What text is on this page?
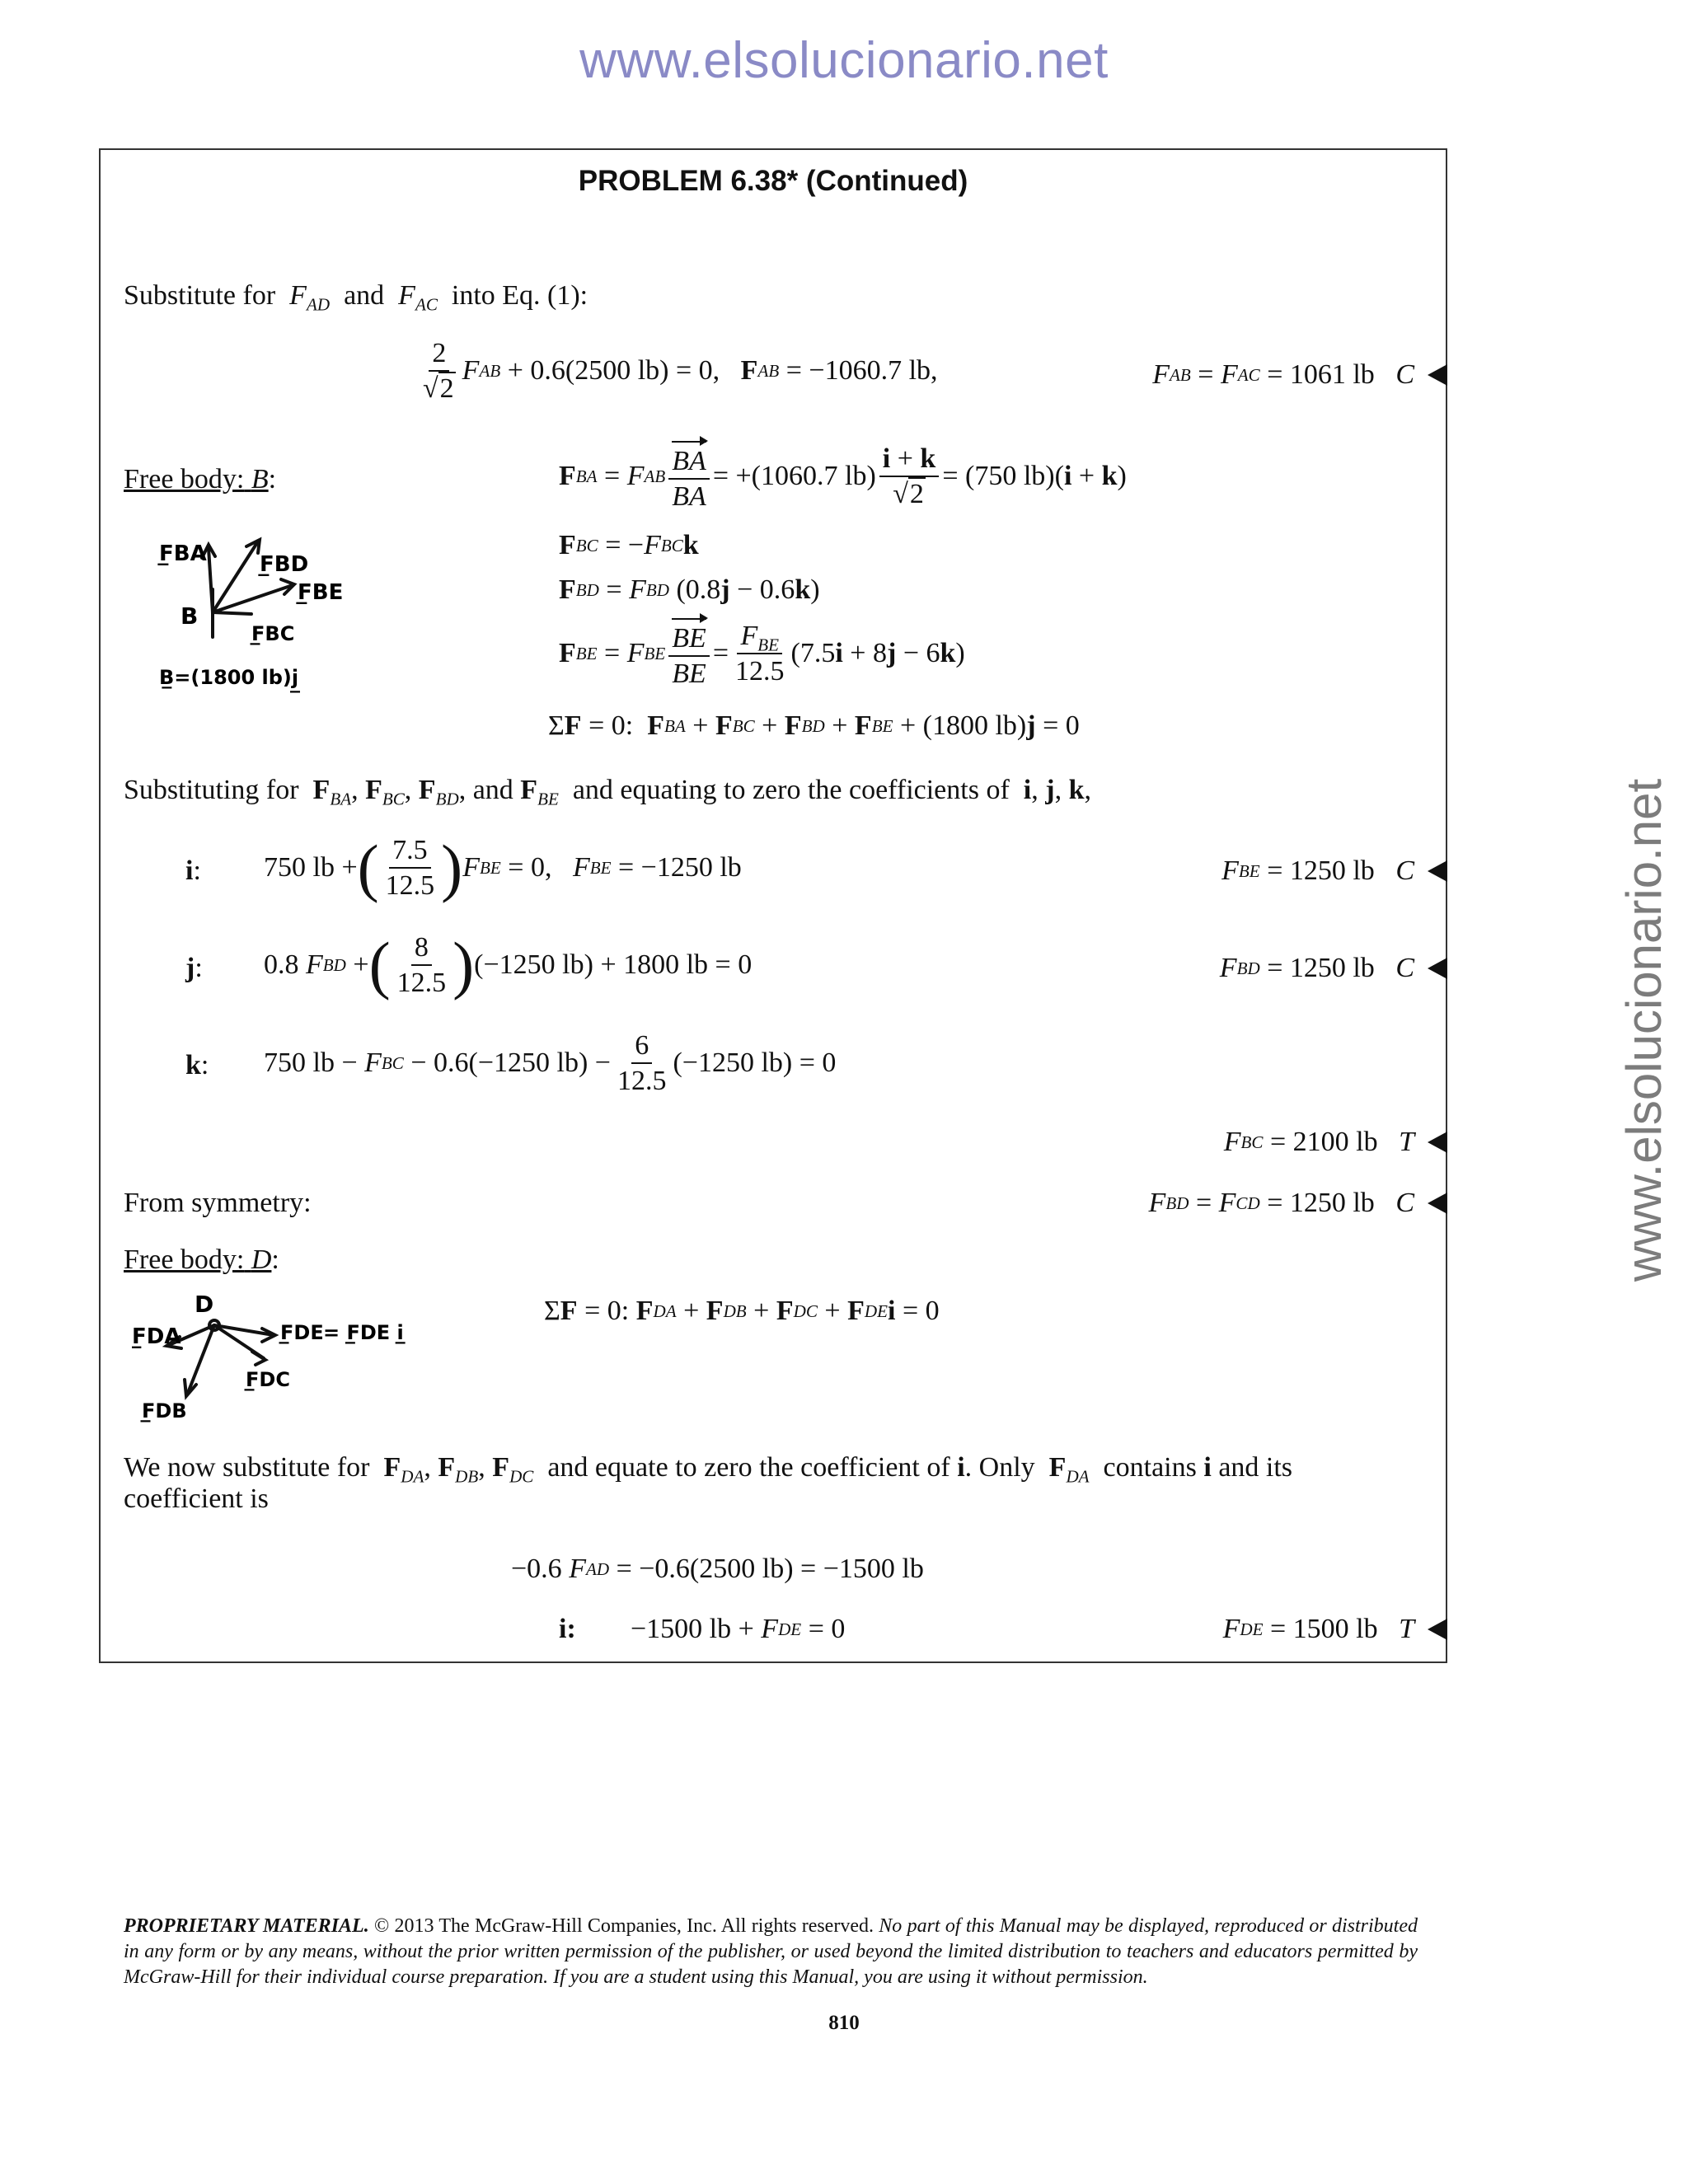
www.elsolucionario.net
www.elsolucionario.net
PROBLEM 6.38* (Continued)
Substitute for $F_{AD}$ and $F_{AC}$ into Eq. (1):
$\frac{2}{√2}$ F AB
+ 0.6(2500 lb) = 0,
F AB
= −1060.7 lb,	F AB = F AC
= 1061 lb
C
Free body: B:
F̲BA F̲BD
F̲BE
B
F̲BC
B̲=(1800 lb)j̲
F BA = F AB $\frac{BA}{BA} = +(1060.7$ $lb) \frac{i + k}{√2} = (750$ lb)( i + k )
F BC
= − F BC k
F BD = F BD
(0.8 j
− 0.6 k )
F BE = F BE $\frac{BE}{BE} = \frac{F_{BE}}{12.5} (7.5$ i
+ 8 j
− 6 k )
Σ F
= 0:
F BA + F BC + F BD + F BE
+ (1800 lb) j
= 0
Substituting for $F_{BA}$, $F_{BC}$, $F_{BD}$, and $F_{BE}$ and equating to zero the coefficients of i, j, k,
i: 750 lb + ( $\frac{7.5}{12.5}$ ) F BE
= 0,
F BE
= −1250 lb	F BE
= 1250 lb
C
j: 0.8
F BD + ( $\frac{8}{12.5}$ ) (−1250 lb) + 1800 lb = 0	F BD
= 1250 lb
C
k: 750 lb −
F BC
− 0.6(−1250 $lb) - \frac{6}{12.5} (-1250$ lb) = 0
F BC
= 2100 lb
T
From symmetry:	F BD = F CD
= 1250 lb
C
Free body: D:
D
F̲DA	F̲DE = F̲DE i̲
F̲DC
F̲DB
Σ F
= 0:
F DA + F DB + F DC + F DE i
= 0
We now substitute for $F_{DA}$, $F_{DB}$, $F_{DC}$ and equate to zero the coefficient of i. Only $F_{DA}$ contains i and its
coefficient is
−0.6
F AD
= −0.6(2500 lb) = −1500 lb
i: −1500 lb +
F DE
= 0	F DE
= 1500 lb
T
PROPRIETARY MATERIAL. © 2013 The McGraw-Hill Companies, Inc. All rights reserved. No part of this Manual may be displayed, reproduced or distributed in any form or by any means, without the prior written permission of the publisher, or used beyond the limited distribution to teachers and educators permitted by McGraw-Hill for their individual course preparation. If you are a student using this Manual, you are using it without permission.
810
